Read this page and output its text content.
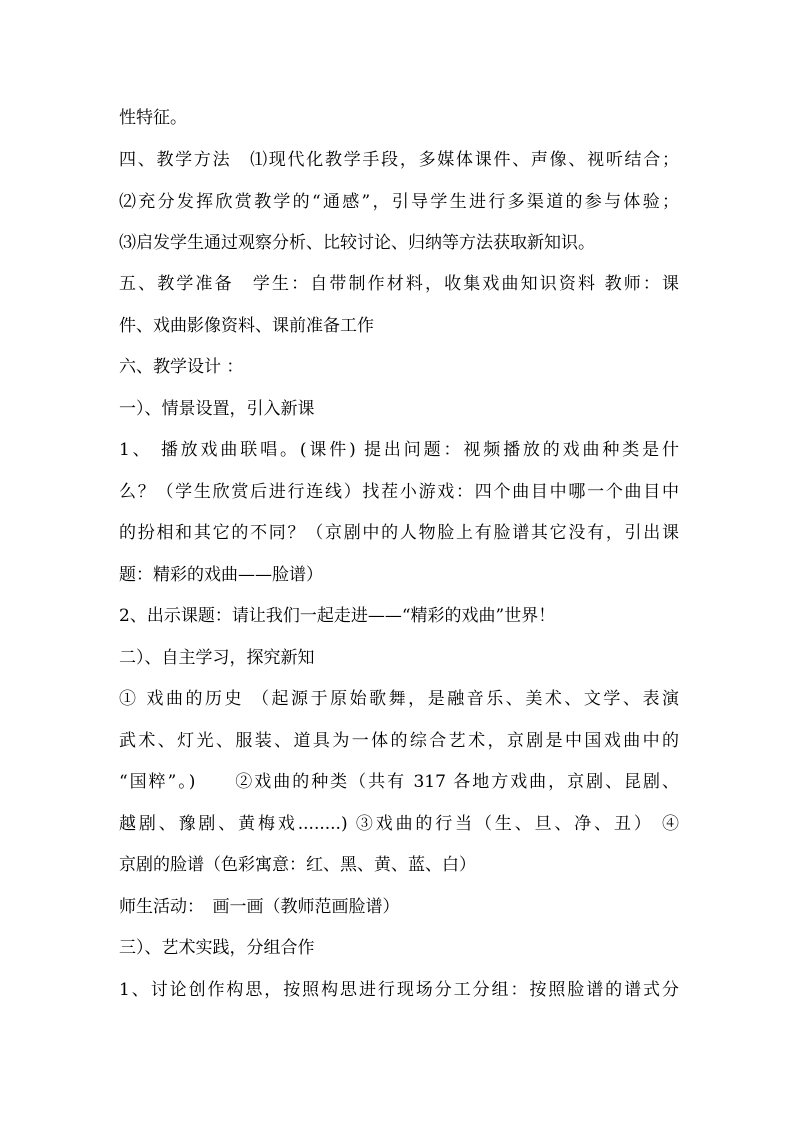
性特征。
四、教学方法　⑴现代化教学手段，多媒体课件、声像、视听结合；
⑵充分发挥欣赏教学的“通感”，引导学生进行多渠道的参与体验；
⑶启发学生通过观察分析、比较讨论、归纳等方法获取新知识。
五、教学准备　学生：自带制作材料，收集戏曲知识资料 教师：课
件、戏曲影像资料、课前准备工作
六、教学设计 ：
一）、情景设置，引入新课
1、 播放戏曲联唱。(课件) 提出问题：视频播放的戏曲种类是什
么？（学生欣赏后进行连线）找茬小游戏：四个曲目中哪一个曲目中
的扮相和其它的不同？（京剧中的人物脸上有脸谱其它没有，引出课
题：精彩的戏曲——脸谱）
2、出示课题：请让我们一起走进——“精彩的戏曲”世界！
二）、自主学习，探究新知
① 戏曲的历史 （起源于原始歌舞，是融音乐、美术、文学、表演
武术、灯光、服装、道具为一体的综合艺术，京剧是中国戏曲中的
“国粹”。)　　②戏曲的种类（共有 317 各地方戏曲，京剧、昆剧、
越剧、豫剧、黄梅戏........) ③戏曲的行当（生、旦、净、丑） ④
京剧的脸谱（色彩寓意：红、黑、黄、蓝、白）
师生活动：　画一画（教师范画脸谱）
三）、艺术实践，分组合作
1、讨论创作构思，按照构思进行现场分工分组：按照脸谱的谱式分
